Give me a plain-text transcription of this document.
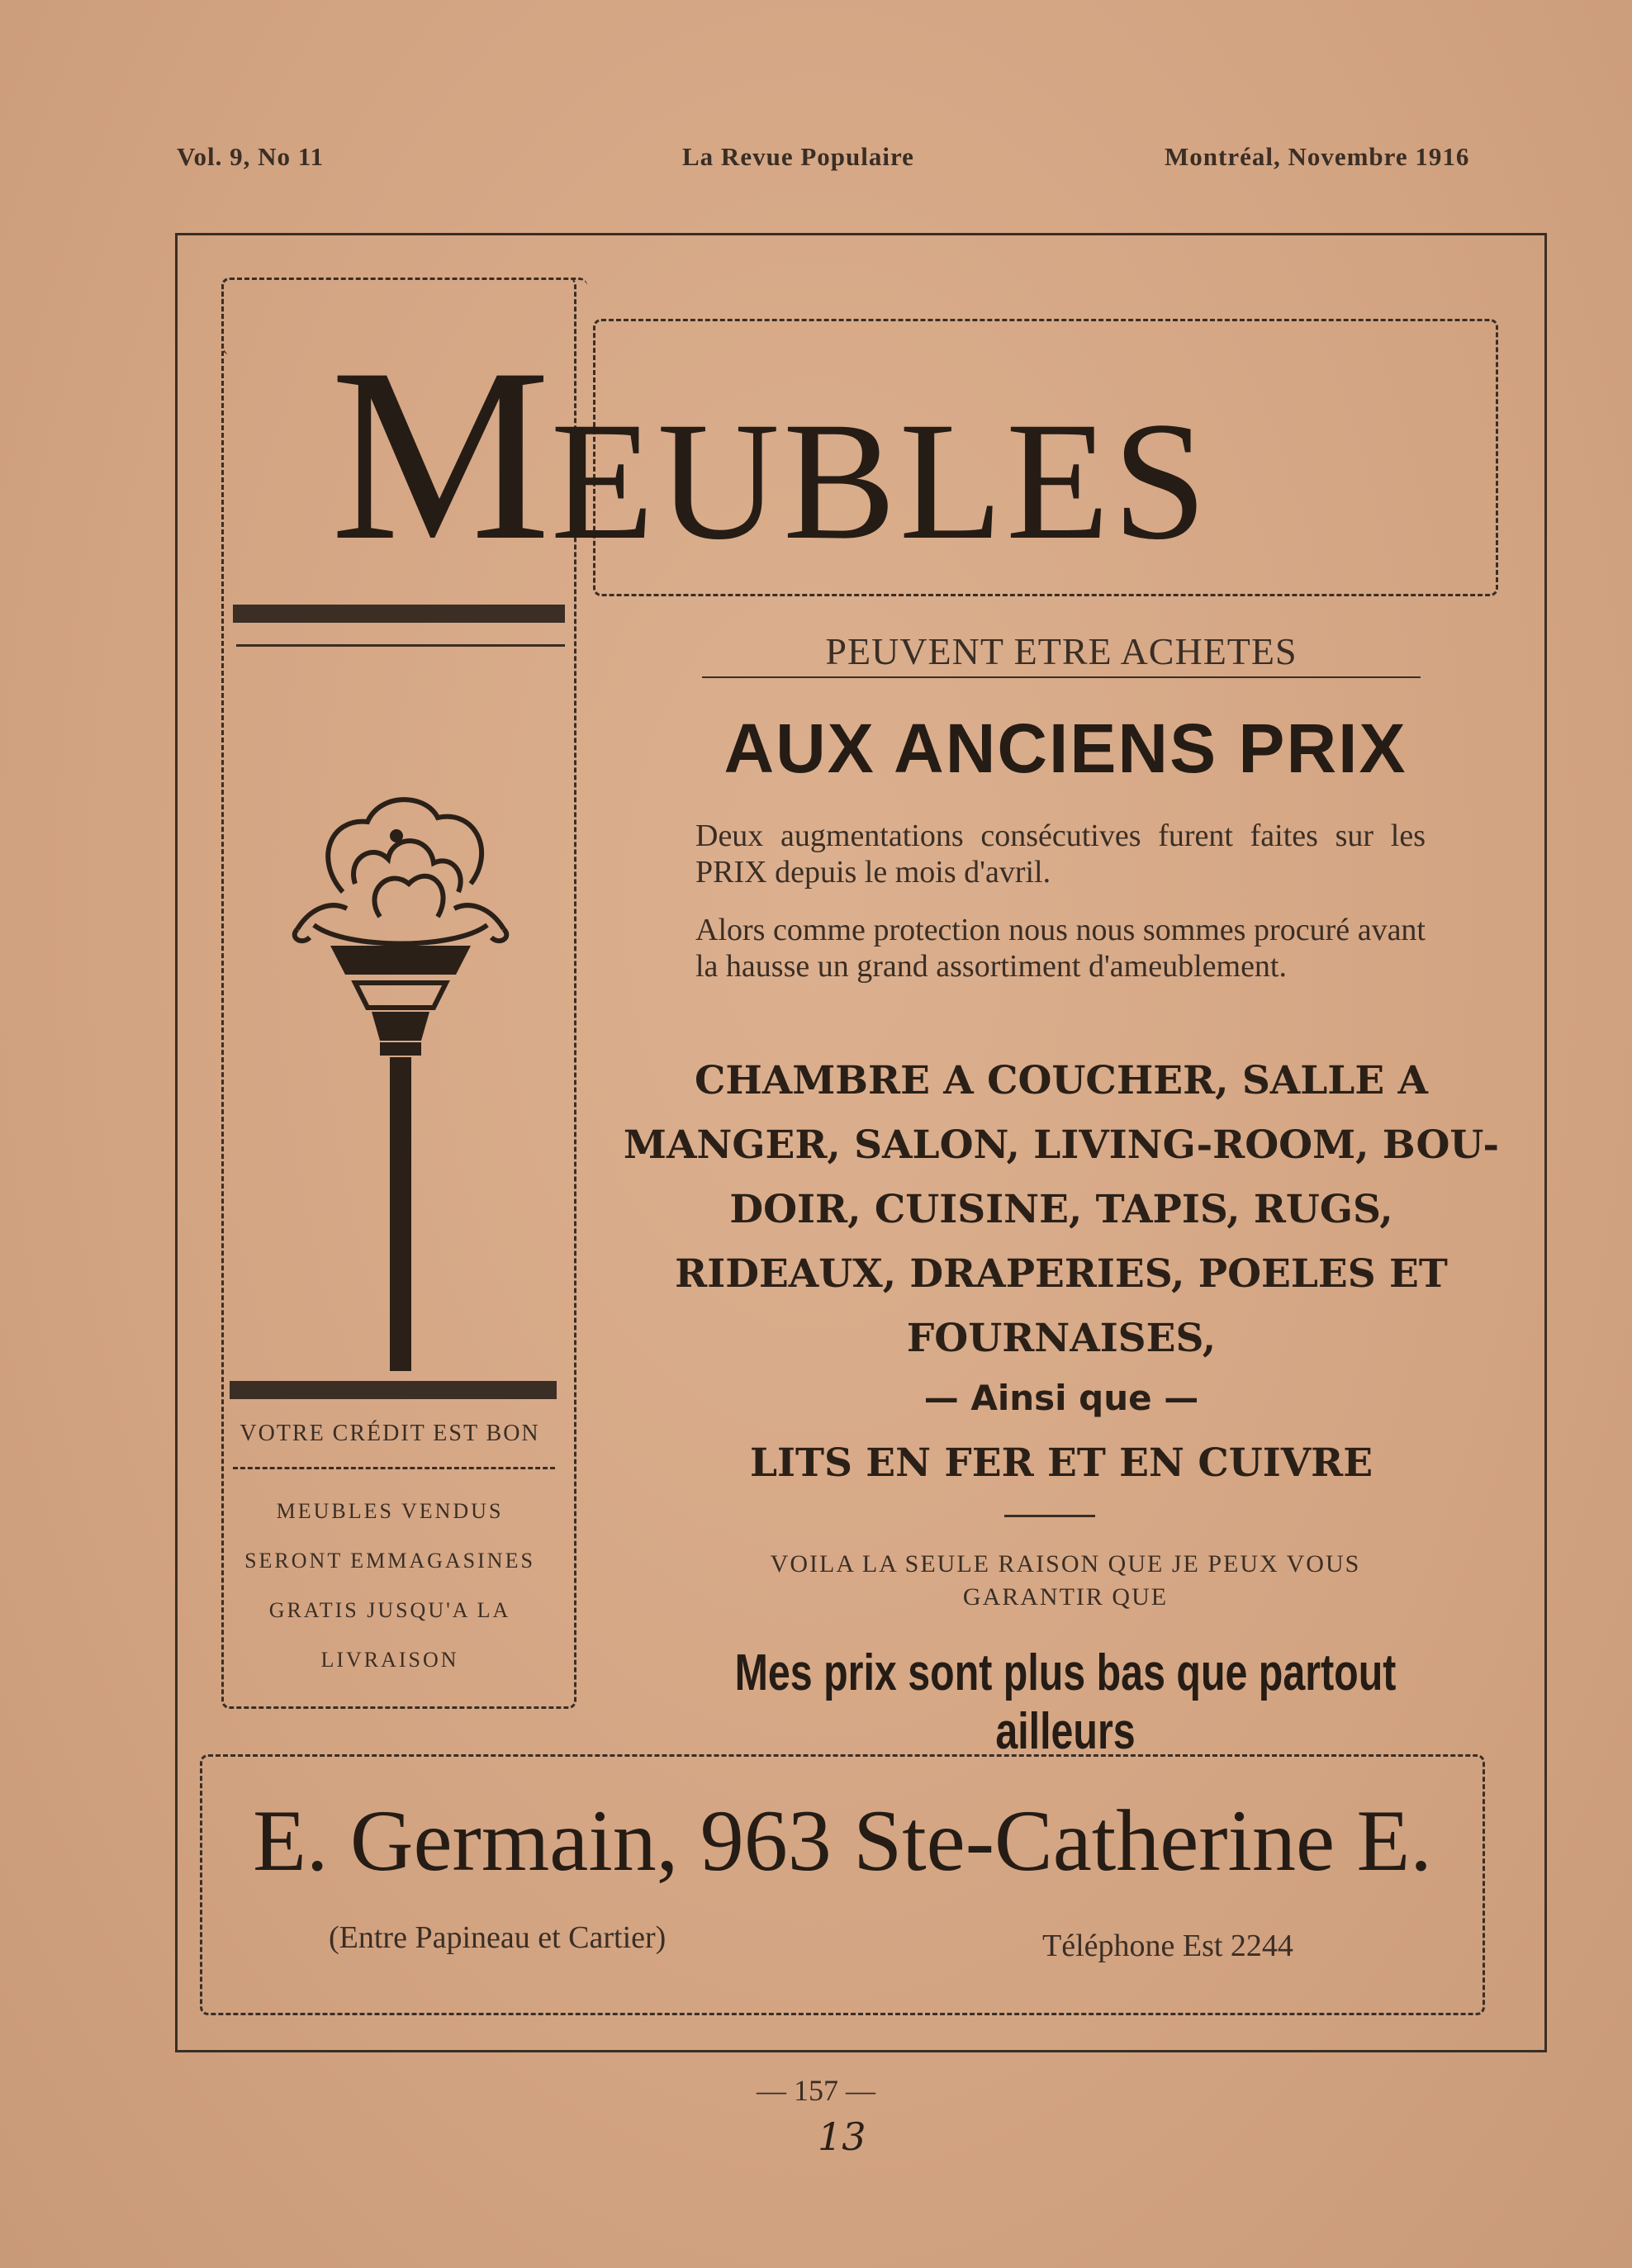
Vol. 9, No 11	La Revue Populaire	Montréal, Novembre 1916
MEUBLES
VOTRE CRÉDIT EST BON
MEUBLES VENDUS
SERONT EMMAGASINES
GRATIS JUSQU'A LA
LIVRAISON
PEUVENT ETRE ACHETES
AUX ANCIENS PRIX
Deux augmentations consécutives furent faites sur les PRIX depuis le mois d'avril.
Alors comme protection nous nous sommes procuré avant la hausse un grand assortiment d'ameublement.
CHAMBRE A COUCHER, SALLE A
MANGER, SALON, LIVING-ROOM, BOU-
DOIR, CUISINE, TAPIS, RUGS,
RIDEAUX, DRAPERIES, POELES ET
FOURNAISES,
— Ainsi que —
LITS EN FER ET EN CUIVRE
VOILA LA SEULE RAISON QUE JE PEUX VOUS
GARANTIR QUE
Mes prix sont plus bas que partout ailleurs
E. Germain, 963 Ste-Catherine E.
(Entre Papineau et Cartier)	Téléphone Est 2244
— 157 —
13
